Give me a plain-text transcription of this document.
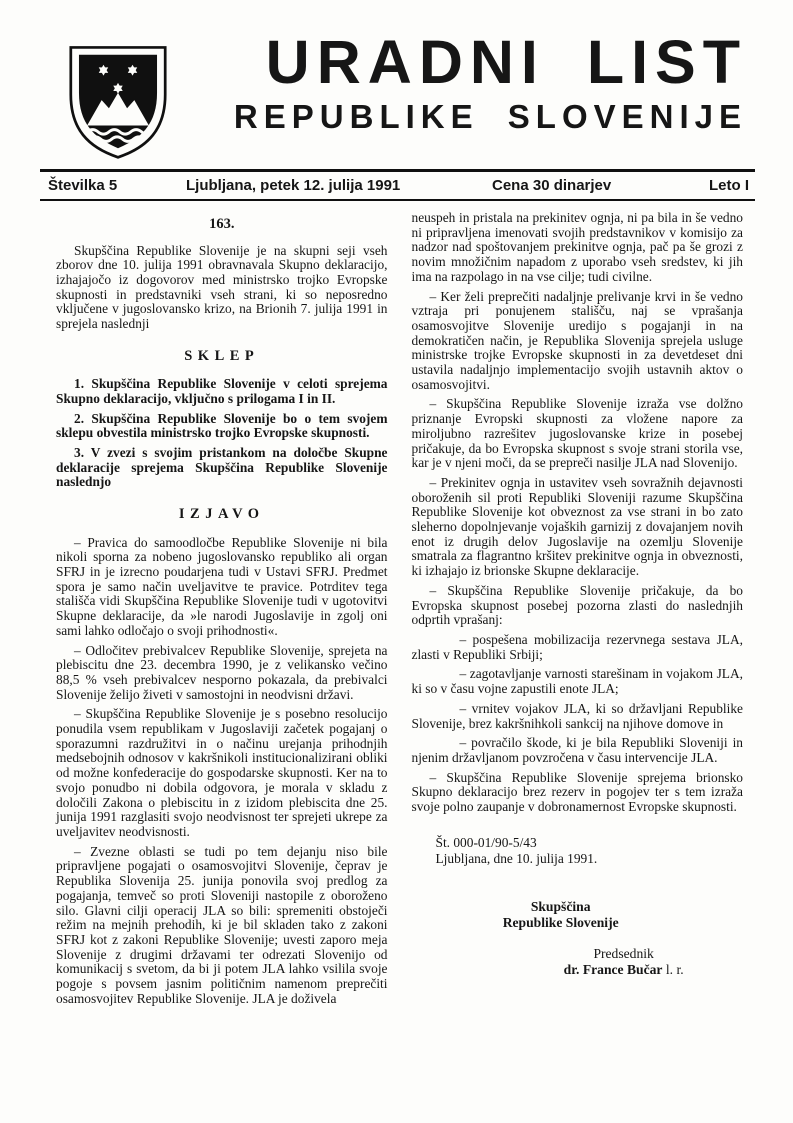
URADNI LIST
REPUBLIKE SLOVENIJE
Številka 5	Ljubljana, petek 12. julija 1991	Cena 30 dinarjev	Leto I
163.

Skupščina Republike Slovenije je na skupni seji vseh zborov dne 10. julija 1991 obravnavala Skupno deklaracijo, izhajajočo iz dogovorov med ministrsko trojko Evropske skupnosti in predstavniki vseh strani, ki so neposredno vključene v jugoslovansko krizo, na Brionih 7. julija 1991 in sprejela naslednji

SKLEP

1. Skupščina Republike Slovenije v celoti sprejema Skupno deklaracijo, vključno s prilogama I in II.

2. Skupščina Republike Slovenije bo o tem svojem sklepu obvestila ministrsko trojko Evropske skupnosti.

3. V zvezi s svojim pristankom na določbe Skupne deklaracije sprejema Skupščina Republike Slovenije naslednjo

IZJAVO

– Pravica do samoodločbe Republike Slovenije ni bila nikoli sporna za nobeno jugoslovansko republiko ali organ SFRJ in je izrecno poudarjena tudi v Ustavi SFRJ. Predmet spora je samo način uveljavitve te pravice. Potrditev tega stališča vidi Skupščina Republike Slovenije tudi v ugotovitvi Skupne deklaracije, da »le narodi Jugoslavije in zgolj oni sami lahko odločajo o svoji prihodnosti«.

– Odločitev prebivalcev Republike Slovenije, sprejeta na plebiscitu dne 23. decembra 1990, je z velikansko večino 88,5 % vseh prebivalcev nesporno pokazala, da prebivalci Slovenije želijo živeti v samostojni in neodvisni državi.

– Skupščina Republike Slovenije je s posebno resolucijo ponudila vsem republikam v Jugoslaviji začetek pogajanj o sporazumni razdružitvi in o načinu urejanja prihodnjih medsebojnih odnosov v kakršnikoli institucionalizirani obliki od možne konfederacije do gospodarske skupnosti. Ker na to svojo ponudbo ni dobila odgovora, je morala v skladu z določili Zakona o plebiscitu in z izidom plebiscita dne 25. junija 1991 razglasiti svojo neodvisnost ter sprejeti ukrepe za uveljavitev neodvisnosti.

– Zvezne oblasti se tudi po tem dejanju niso bile pripravljene pogajati o osamosvojitvi Slovenije, čeprav je Republika Slovenija 25. junija ponovila svoj predlog za pogajanja, temveč so proti Sloveniji nastopile z oboroženo silo. Glavni cilji operacij JLA so bili: spremeniti obstoječi režim na mejnih prehodih, ki je bil skladen tako z zakoni SFRJ kot z zakoni Republike Slovenije; uvesti zaporo meja Slovenije z drugimi državami ter odrezati Slovenijo od komunikacij s svetom, da bi ji potem JLA lahko vsilila svoje pogoje s povsem jasnim političnim namenom preprečiti osamosvojitev Republike Slovenije. JLA je doživela

neuspeh in pristala na prekinitev ognja, ni pa bila in še vedno ni pripravljena imenovati svojih predstavnikov v komisijo za nadzor nad spoštovanjem prekinitve ognja, pač pa še grozi z novim množičnim napadom z uporabo vseh sredstev, ki jih ima na razpolago in na vse cilje; tudi civilne.

– Ker želi preprečiti nadaljnje prelivanje krvi in še vedno vztraja pri ponujenem stališču, naj se vprašanja osamosvojitve Slovenije uredijo s pogajanji in na demokratičen način, je Republika Slovenija sprejela usluge ministrske trojke Evropske skupnosti in za devetdeset dni ustavila nadaljnjo implementacijo svojih ustavnih aktov o osamosvojitvi.

– Skupščina Republike Slovenije izraža vse dolžno priznanje Evropski skupnosti za vložene napore za miroljubno razrešitev jugoslovanske krize in posebej pričakuje, da bo Evropska skupnost s svoje strani storila vse, kar je v njeni moči, da se prepreči nasilje JLA nad Slovenijo.

– Prekinitev ognja in ustavitev vseh sovražnih dejavnosti oboroženih sil proti Republiki Sloveniji razume Skupščina Republike Slovenije kot obveznost za vse strani in bo zato sleherno dopolnjevanje vojaških garnizij z dovajanjem novih enot iz drugih delov Jugoslavije na ozemlju Slovenije smatrala za flagrantno kršitev prekinitve ognja in obveznosti, ki izhajajo iz brionske Skupne deklaracije.

– Skupščina Republike Slovenije pričakuje, da bo Evropska skupnost posebej pozorna zlasti do naslednjih odprtih vprašanj:

– pospešena mobilizacija rezervnega sestava JLA, zlasti v Republiki Srbiji;

– zagotavljanje varnosti starešinam in vojakom JLA, ki so v času vojne zapustili enote JLA;

– vrnitev vojakov JLA, ki so državljani Republike Slovenije, brez kakršnihkoli sankcij na njihove domove in

– povračilo škode, ki je bila Republiki Sloveniji in njenim državljanom povzročena v času intervencije JLA.

– Skupščina Republike Slovenije sprejema brionsko Skupno deklaracijo brez rezerv in pogojev ter s tem izraža svoje polno zaupanje v dobronamernost Evropske skupnosti.

Št. 000-01/90-5/43
Ljubljana, dne 10. julija 1991.
Skupščina
Republike Slovenije
Predsednik
dr. France Bučar l. r.
